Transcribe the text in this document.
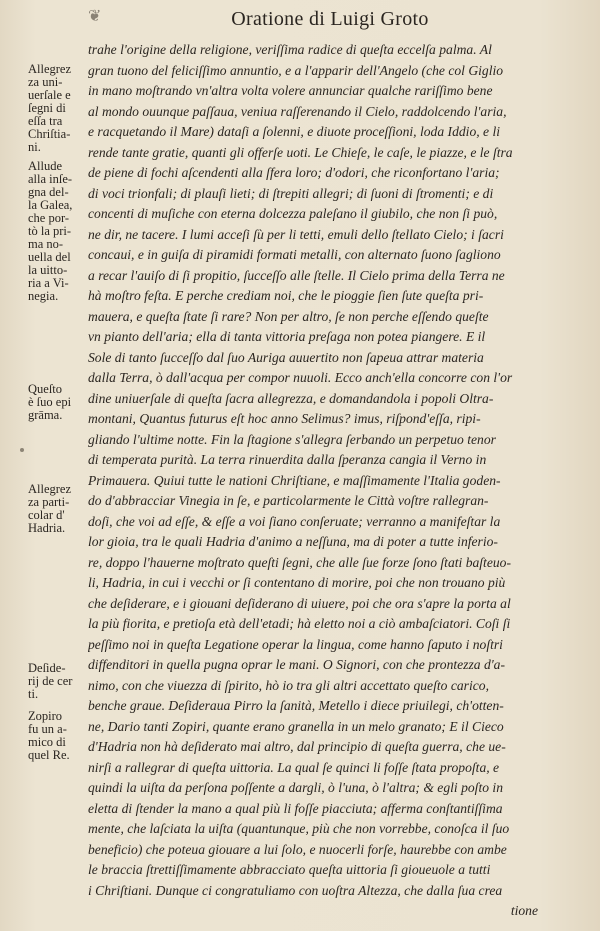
❦	Oratione di Luigi Groto
Allegrez
za uni-
uerſale e
ſegni di
eſſa tra
Chriſtia-
ni.
Allude
alla inſe-
gna del-
la Galea,
che por-
tò la pri-
ma no-
uella del
la uitto-
ria a Vi-
negia.
Queſto
è ſuo epi
grāma.
Allegrez
za parti-
colar d'
Hadria.
Deſide-
rij de cer
ti.
Zopiro
fu un a-
mico di
quel Re.
trahe l'origine della religione, veriſſima radice di queſta eccelſa palma. Al
gran tuono del feliciſſimo annuntio, e a l'apparir dell'Angelo (che col Giglio
in mano moſtrando vn'altra volta volere annunciar qualche rariſſimo bene
al mondo ouunque paſſaua, veniua raſſerenando il Cielo, raddolcendo l'aria,
e racquetando il Mare) dataſi a ſolenni, e diuote proceſſioni, loda Iddio, e li
rende tante gratie, quanti gli offerſe uoti. Le Chieſe, le caſe, le piazze, e le ſtra
de piene di fochi aſcendenti alla ſfera loro; d'odori, che riconfortano l'aria;
di voci trionfali; di plauſi lieti; di ſtrepiti allegri; di ſuoni di ſtromenti; e di
concenti di muſiche con eterna dolcezza paleſano il giubilo, che non ſi può,
ne dir, ne tacere. I lumi acceſi ſù per li tetti, emuli dello ſtellato Cielo; i ſacri
concaui, e in guiſa di piramidi formati metalli, con alternato ſuono ſagliono
a recar l'auiſo di ſi propitio, ſucceſſo alle ſtelle. Il Cielo prima della Terra ne
hà moſtro feſta. E perche crediam noi, che le pioggie ſien ſute queſta pri-
mauera, e queſta ſtate ſi rare? Non per altro, ſe non perche eſſendo queſte
vn pianto dell'aria; ella di tanta vittoria preſaga non potea piangere. E il
Sole di tanto ſucceſſo dal ſuo Auriga auuertito non ſapeua attrar materia
dalla Terra, ò dall'acqua per compor nuuoli. Ecco anch'ella concorre con l'or
dine uniuerſale di queſta ſacra allegrezza, e domandandola i popoli Oltra-
montani, Quantus futurus eſt hoc anno Selimus? imus, riſpond'eſſa, ripi-
gliando l'ultime notte. Fin la ſtagione s'allegra ſerbando un perpetuo tenor
di temperata purità. La terra rinuerdita dalla ſperanza cangia il Verno in
Primauera. Quiui tutte le nationi Chriſtiane, e maſſimamente l'Italia goden-
do d'abbracciar Vinegia in ſe, e particolarmente le Città voſtre rallegran-
doſi, che voi ad eſſe, & eſſe a voi ſiano conſeruate; verranno a manifeſtar la
lor gioia, tra le quali Hadria d'animo a neſſuna, ma di poter a tutte inferio-
re, doppo l'hauerne moſtrato queſti ſegni, che alle ſue forze ſono ſtati baſteuo-
li, Hadria, in cui i vecchi or ſi contentano di morire, poi che non trouano più
che deſiderare, e i giouani deſiderano di uiuere, poi che ora s'apre la porta al
la più fiorita, e pretioſa età dell'etadi; hà eletto noi a ciò ambaſciatori. Coſi ſi
peſſimo noi in queſta Legatione operar la lingua, come hanno ſaputo i noſtri
diffenditori in quella pugna oprar le mani. O Signori, con che prontezza d'a-
nimo, con che viuezza di ſpirito, hò io tra gli altri accettato queſto carico,
benche graue. Deſideraua Pirro la ſanità, Metello i diece priuilegi, ch'otten-
ne, Dario tanti Zopiri, quante erano granella in un melo granato; E il Cieco
d'Hadria non hà deſiderato mai altro, dal principio di queſta guerra, che ue-
nirſi a rallegrar di queſta uittoria. La qual ſe quinci li foſſe ſtata propoſta, e
quindi la uiſta da perſona poſſente a dargli, ò l'una, ò l'altra; & egli poſto in
eletta di ſtender la mano a qual più li foſſe piacciuta; afferma conſtantiſſima
mente, che laſciata la uiſta (quantunque, più che non vorrebbe, conoſca il ſuo
beneficio) che poteua giouare a lui ſolo, e nuocerli forſe, haurebbe con ambe
le braccia ſtrettiſſimamente abbracciato queſta uittoria ſi gioueuole a tutti
i Chriſtiani. Dunque ci congratuliamo con uoſtra Altezza, che dalla ſua crea
tione
